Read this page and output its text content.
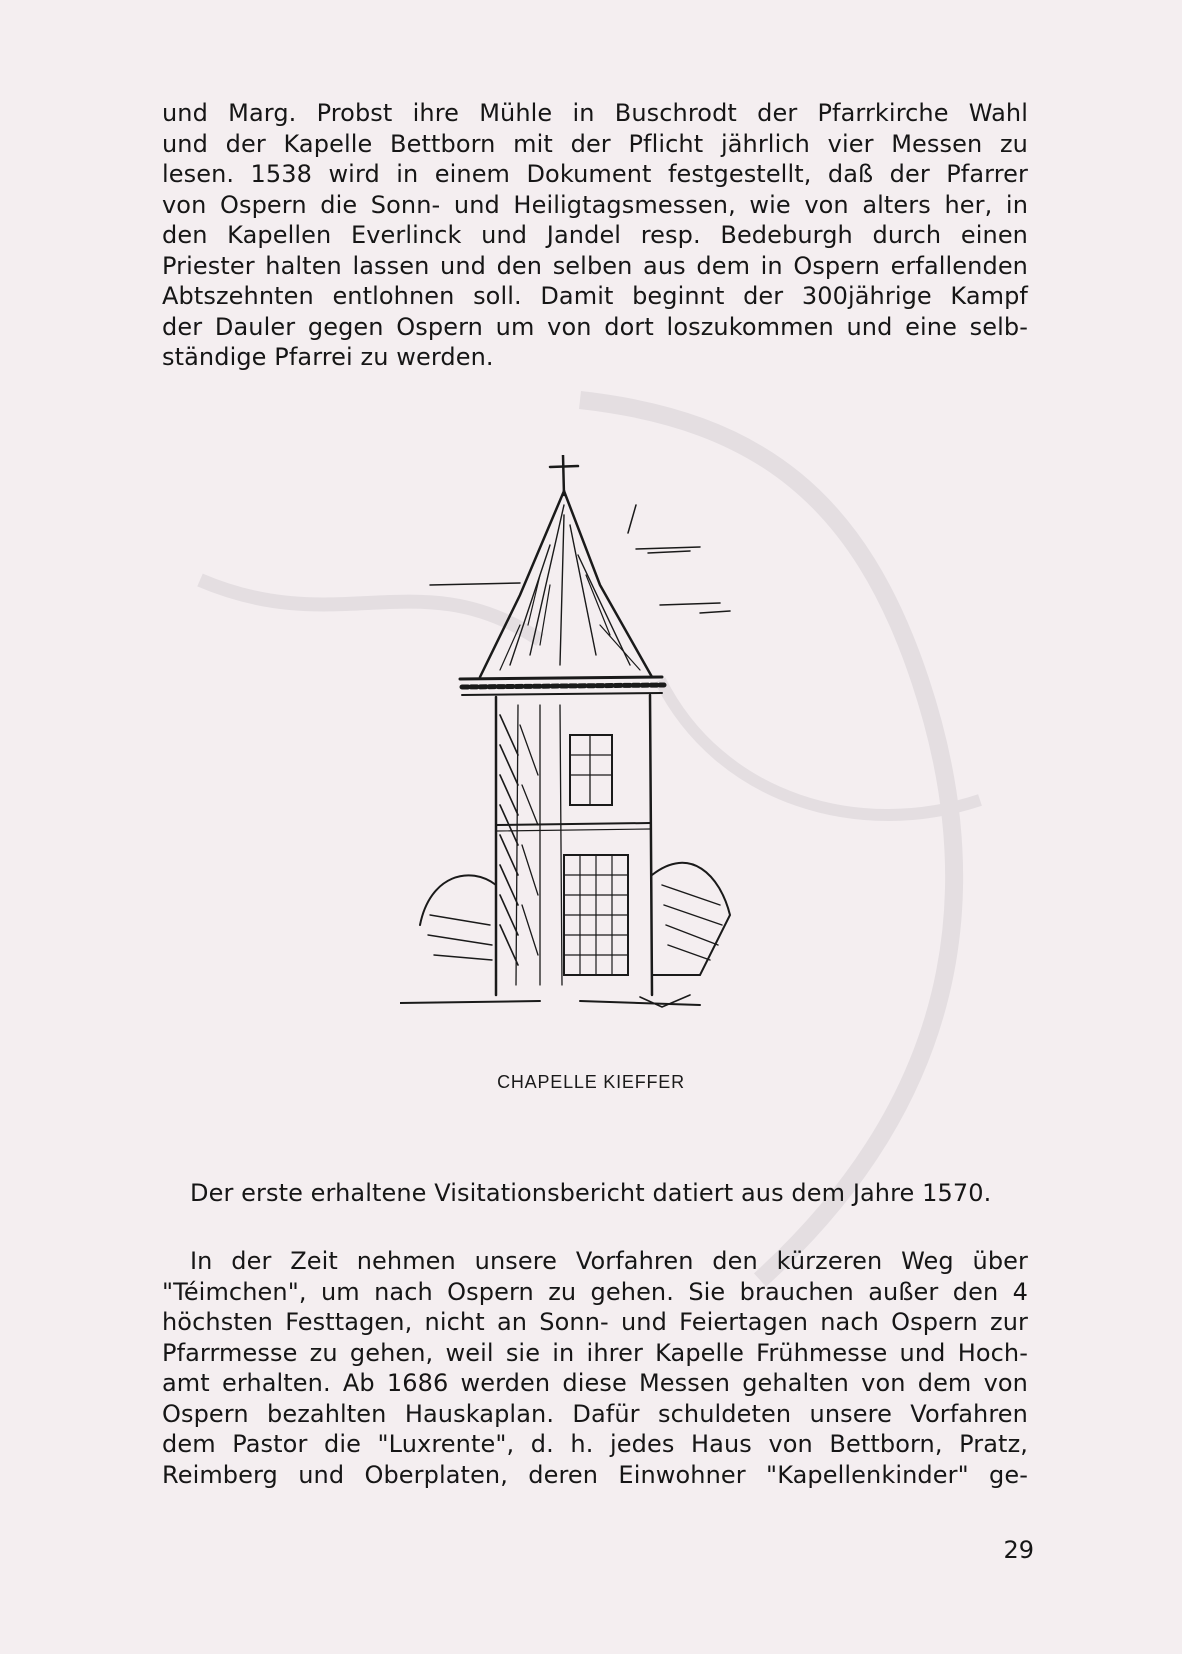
und Marg. Probst ihre Mühle in Buschrodt der Pfarrkirche Wahl
und der Kapelle Bettborn mit der Pflicht jährlich vier Messen zu
lesen. 1538 wird in einem Dokument festgestellt, daß der Pfarrer
von Ospern die Sonn- und Heiligtagsmessen, wie von alters her, in
den Kapellen Everlinck und Jandel resp. Bedeburgh durch einen
Priester halten lassen und den selben aus dem in Ospern erfallenden
Abtszehnten entlohnen soll. Damit beginnt der 300jährige Kampf
der Dauler gegen Ospern um von dort loszukommen und eine selb-
ständige Pfarrei zu werden.
CHAPELLE KIEFFER

Der erste erhaltene Visitationsbericht datiert aus dem Jahre 1570.

In der Zeit nehmen unsere Vorfahren den kürzeren Weg über
"Téimchen", um nach Ospern zu gehen. Sie brauchen außer den 4
höchsten Festtagen, nicht an Sonn- und Feiertagen nach Ospern zur
Pfarrmesse zu gehen, weil sie in ihrer Kapelle Frühmesse und Hoch-
amt erhalten. Ab 1686 werden diese Messen gehalten von dem von
Ospern bezahlten Hauskaplan. Dafür schuldeten unsere Vorfahren
dem Pastor die "Luxrente", d. h. jedes Haus von Bettborn, Pratz,
Reimberg und Oberplaten, deren Einwohner "Kapellenkinder" ge-
29
